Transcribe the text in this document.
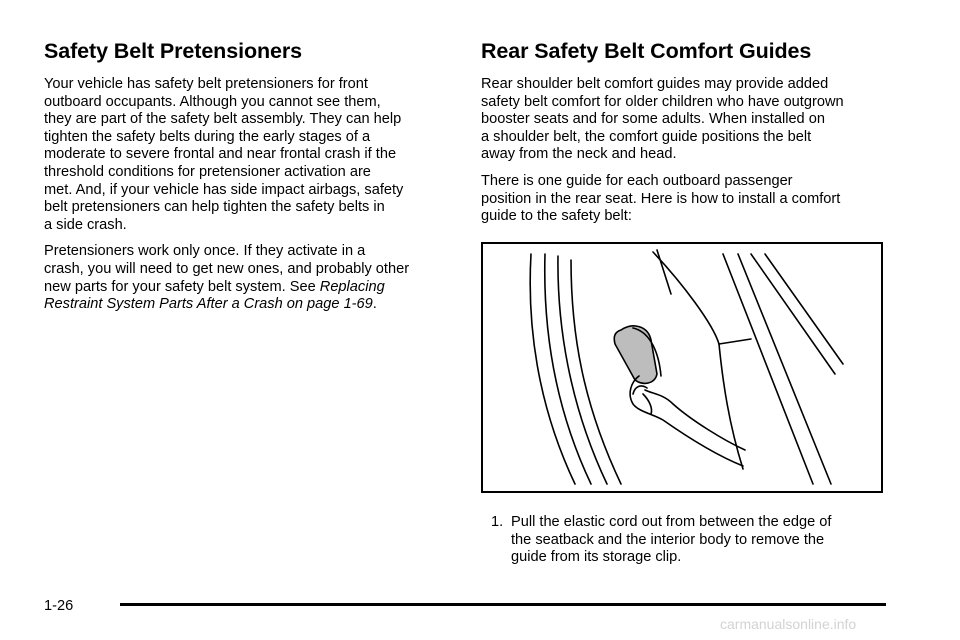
Safety Belt Pretensioners

Your vehicle has safety belt pretensioners for front
outboard occupants. Although you cannot see them,
they are part of the safety belt assembly. They can help
tighten the safety belts during the early stages of a
moderate to severe frontal and near frontal crash if the
threshold conditions for pretensioner activation are
met. And, if your vehicle has side impact airbags, safety
belt pretensioners can help tighten the safety belts in
a side crash.

Pretensioners work only once. If they activate in a
crash, you will need to get new ones, and probably other
new parts for your safety belt system. See Replacing
Restraint System Parts After a Crash on page 1-69.

Rear Safety Belt Comfort Guides

Rear shoulder belt comfort guides may provide added
safety belt comfort for older children who have outgrown
booster seats and for some adults. When installed on
a shoulder belt, the comfort guide positions the belt
away from the neck and head.

There is one guide for each outboard passenger
position in the rear seat. Here is how to install a comfort
guide to the safety belt:

1. Pull the elastic cord out from between the edge of
the seatback and the interior body to remove the
guide from its storage clip.
1-26
carmanualsonline.info
